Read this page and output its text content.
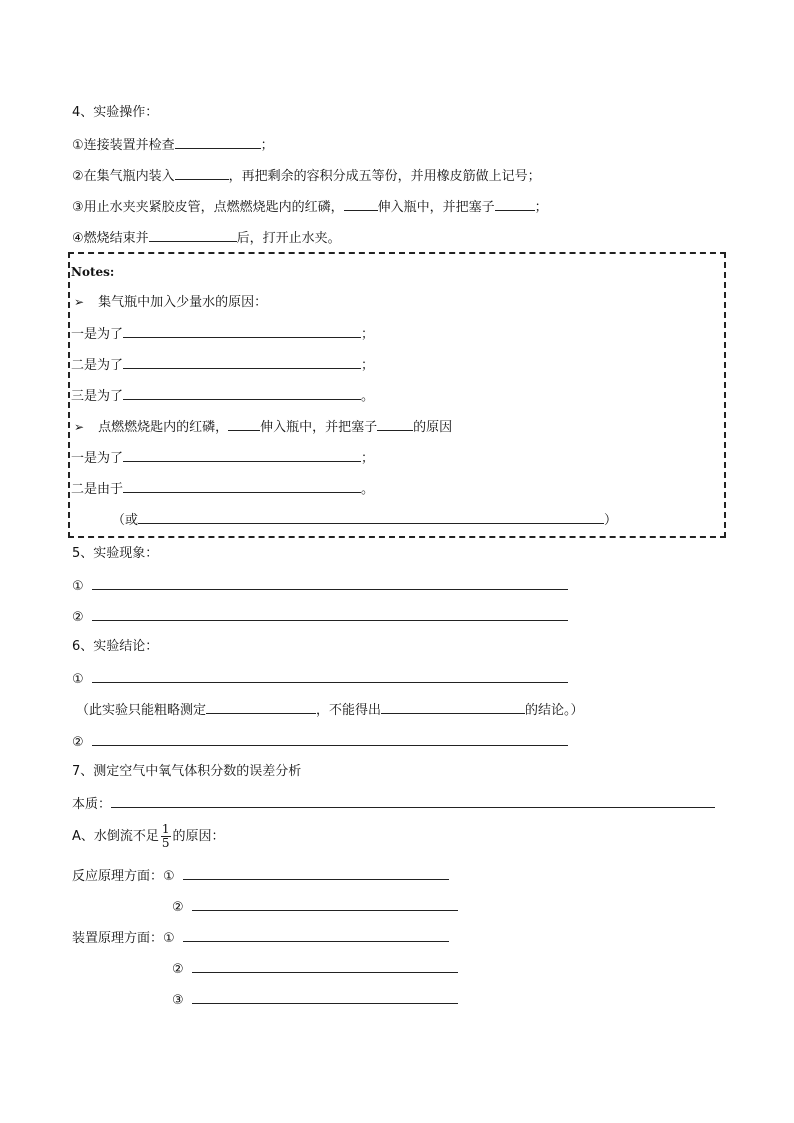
4、实验操作：
①连接装置并检查	；
②在集气瓶内装入	，再把剩余的容积分成五等份，并用橡皮筋做上记号；
③用止水夹夹紧胶皮管，点燃燃烧匙内的红磷，	伸入瓶中，并把塞子	；
④燃烧结束并	后，打开止水夹。
Notes:
➢ 集气瓶中加入少量水的原因：
一是为了	；
二是为了	；
三是为了	。
➢ 点燃燃烧匙内的红磷， 伸入瓶中，并把塞子	的原因
一是为了	；
二是由于	。
（或	）
5、实验现象：
①
②
6、实验结论：
①
（此实验只能粗略测定	，不能得出	的结论。）
②
7、测定空气中氧气体积分数的误差分析
本质：
A、水倒流不足 $\frac{1}{5}$ 的原因：
反应原理方面：①
②
装置原理方面：①
②
③
